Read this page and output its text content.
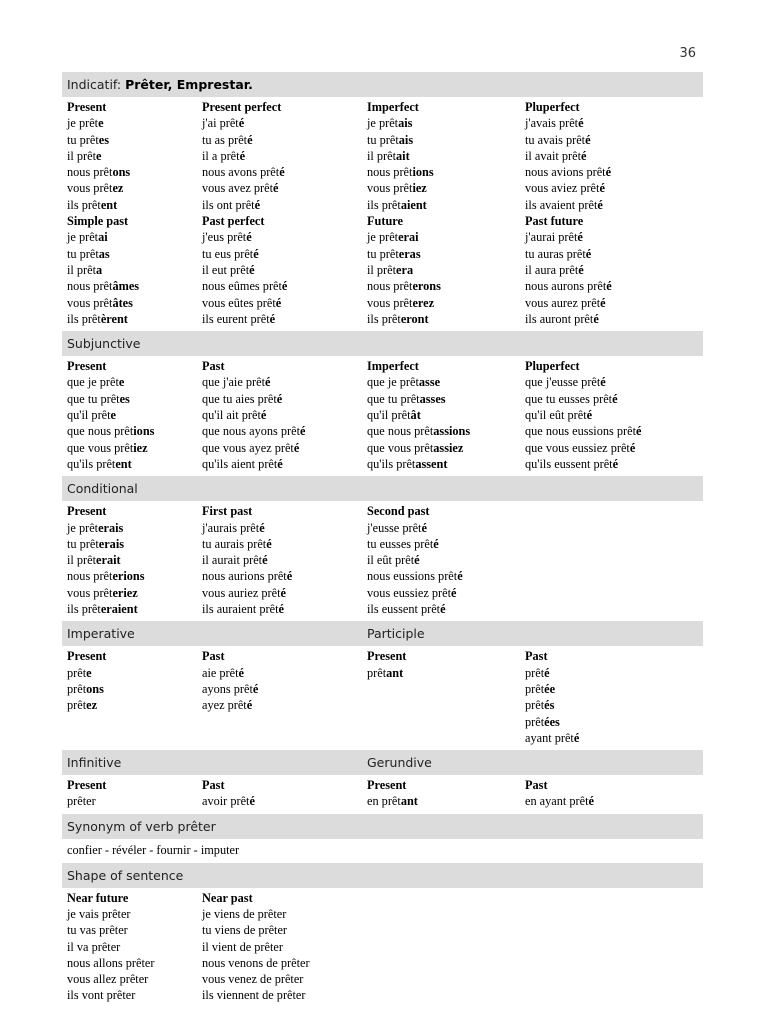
36
Indicatif: Prêter, Emprestar.
Present
je prête
tu prêtes
il prête
nous prêtons
vous prêtez
ils prêtent
Present perfect
j'ai prêté
tu as prêté
il a prêté
nous avons prêté
vous avez prêté
ils ont prêté
Imperfect
je prêtais
tu prêtais
il prêtait
nous prêtions
vous prêtiez
ils prêtaient
Pluperfect
j'avais prêté
tu avais prêté
il avait prêté
nous avions prêté
vous aviez prêté
ils avaient prêté
Simple past
je prêtai
tu prêtas
il prêta
nous prêtâmes
vous prêtâtes
ils prêtèrent
Past perfect
j'eus prêté
tu eus prêté
il eut prêté
nous eûmes prêté
vous eûtes prêté
ils eurent prêté
Future
je prêterai
tu prêteras
il prêtera
nous prêterons
vous prêterez
ils prêteront
Past future
j'aurai prêté
tu auras prêté
il aura prêté
nous aurons prêté
vous aurez prêté
ils auront prêté
Subjunctive
Present
que je prête
que tu prêtes
qu'il prête
que nous prêtions
que vous prêtiez
qu'ils prêtent
Past
que j'aie prêté
que tu aies prêté
qu'il ait prêté
que nous ayons prêté
que vous ayez prêté
qu'ils aient prêté
Imperfect
que je prêtasse
que tu prêtasses
qu'il prêtât
que nous prêtassions
que vous prêtassiez
qu'ils prêtassent
Pluperfect
que j'eusse prêté
que tu eusses prêté
qu'il eût prêté
que nous eussions prêté
que vous eussiez prêté
qu'ils eussent prêté
Conditional
Present
je prêterais
tu prêterais
il prêterait
nous prêterions
vous prêteriez
ils prêteraient
First past
j'aurais prêté
tu aurais prêté
il aurait prêté
nous aurions prêté
vous auriez prêté
ils auraient prêté
Second past
j'eusse prêté
tu eusses prêté
il eût prêté
nous eussions prêté
vous eussiez prêté
ils eussent prêté
Imperative	Participle
Present
prête
prêtons
prêtez
Past
aie prêté
ayons prêté
ayez prêté
Present
prêtant
Past
prêté
prêtée
prêtés
prêtées
ayant prêté
Infinitive	Gerundive
Present
prêter
Past
avoir prêté
Present
en prêtant
Past
en ayant prêté
Synonym of verb prêter
confier - révéler - fournir - imputer
Shape of sentence
Near future
je vais prêter
tu vas prêter
il va prêter
nous allons prêter
vous allez prêter
ils vont prêter
Near past
je viens de prêter
tu viens de prêter
il vient de prêter
nous venons de prêter
vous venez de prêter
ils viennent de prêter
